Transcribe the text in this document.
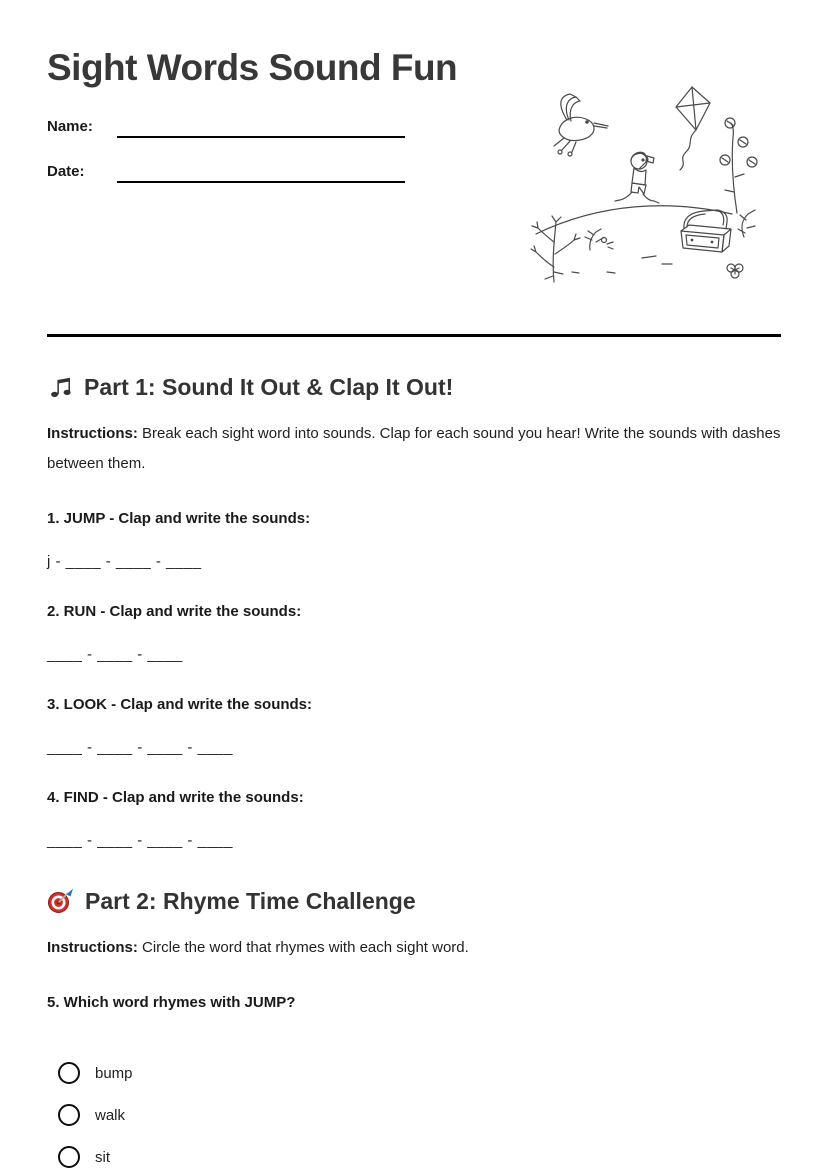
Sight Words Sound Fun
Name:
Date:
Part 1: Sound It Out & Clap It Out!

Instructions: Break each sight word into sounds. Clap for each sound you hear! Write the sounds with dashes between them.

1. JUMP - Clap and write the sounds:

j - ____ - ____ - ____

2. RUN - Clap and write the sounds:

____ - ____ - ____

3. LOOK - Clap and write the sounds:

____ - ____ - ____ - ____

4. FIND - Clap and write the sounds:

____ - ____ - ____ - ____

Part 2: Rhyme Time Challenge

Instructions: Circle the word that rhymes with each sight word.

5. Which word rhymes with JUMP?

bump
walk
sit
